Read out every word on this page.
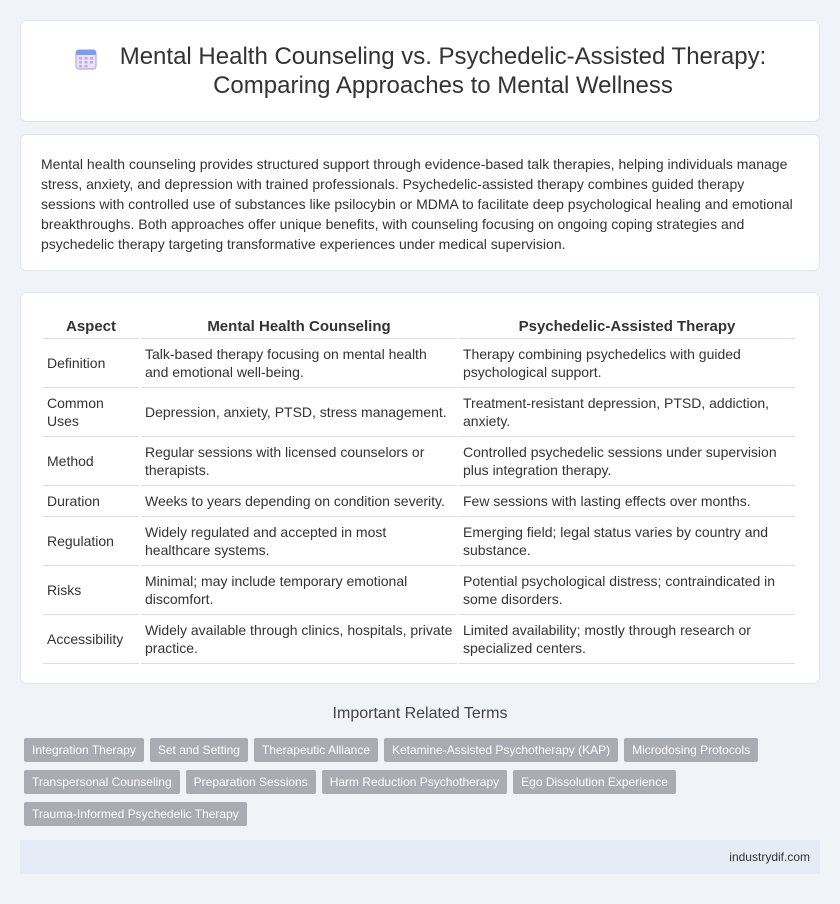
Mental Health Counseling vs. Psychedelic-Assisted Therapy:
Comparing Approaches to Mental Wellness

Mental health counseling provides structured support through evidence-based talk therapies, helping individuals manage stress, anxiety, and depression with trained professionals. Psychedelic-assisted therapy combines guided therapy sessions with controlled use of substances like psilocybin or MDMA to facilitate deep psychological healing and emotional breakthroughs. Both approaches offer unique benefits, with counseling focusing on ongoing coping strategies and psychedelic therapy targeting transformative experiences under medical supervision.

Aspect	Mental Health Counseling	Psychedelic-Assisted Therapy
Definition	Talk-based therapy focusing on mental health and emotional well-being.	Therapy combining psychedelics with guided psychological support.
Common Uses	Depression, anxiety, PTSD, stress management.	Treatment-resistant depression, PTSD, addiction, anxiety.
Method	Regular sessions with licensed counselors or therapists.	Controlled psychedelic sessions under supervision plus integration therapy.
Duration	Weeks to years depending on condition severity.	Few sessions with lasting effects over months.
Regulation	Widely regulated and accepted in most healthcare systems.	Emerging field; legal status varies by country and substance.
Risks	Minimal; may include temporary emotional discomfort.	Potential psychological distress; contraindicated in some disorders.
Accessibility	Widely available through clinics, hospitals, private practice.	Limited availability; mostly through research or specialized centers.
Important Related Terms
Integration Therapy Set and Setting Therapeutic Alliance Ketamine-Assisted Psychotherapy (KAP) Microdosing Protocols
Transpersonal Counseling Preparation Sessions Harm Reduction Psychotherapy Ego Dissolution Experience
Trauma-Informed Psychedelic Therapy
industrydif.com
